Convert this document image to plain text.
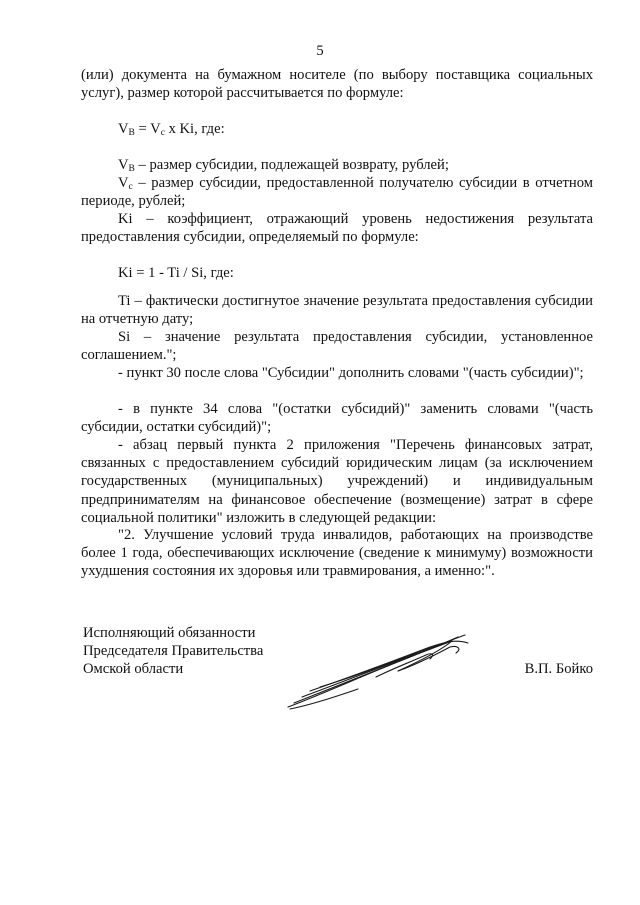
5

(или) документа на бумажном носителе (по выбору поставщика социальных услуг), размер которой рассчитывается по формуле:

$V_B = V_c$ x Ki, где:

$V_B$ – размер субсидии, подлежащей возврату, рублей;

$V_c$ – размер субсидии, предоставленной получателю субсидии в отчетном периоде, рублей;

Ki – коэффициент, отражающий уровень недостижения результата предоставления субсидии, определяемый по формуле:

Ki = 1 - Ti / Si, где:

Ti – фактически достигнутое значение результата предоставления субсидии на отчетную дату;

Si – значение результата предоставления субсидии, установленное соглашением.";

- пункт 30 после слова "Субсидии" дополнить словами "(часть субсидии)";

- в пункте 34 слова "(остатки субсидий)" заменить словами "(часть субсидии, остатки субсидий)";

- абзац первый пункта 2 приложения "Перечень финансовых затрат, связанных с предоставлением субсидий юридическим лицам (за исключением государственных (муниципальных) учреждений) и индивидуальным предпринимателям на финансовое обеспечение (возмещение) затрат в сфере социальной политики" изложить в следующей редакции:

"2. Улучшение условий труда инвалидов, работающих на производстве более 1 года, обеспечивающих исключение (сведение к минимуму) возможности ухудшения состояния их здоровья или травмирования, а именно:".

Исполняющий обязанности
Председателя Правительства
Омской области	В.П. Бойко
